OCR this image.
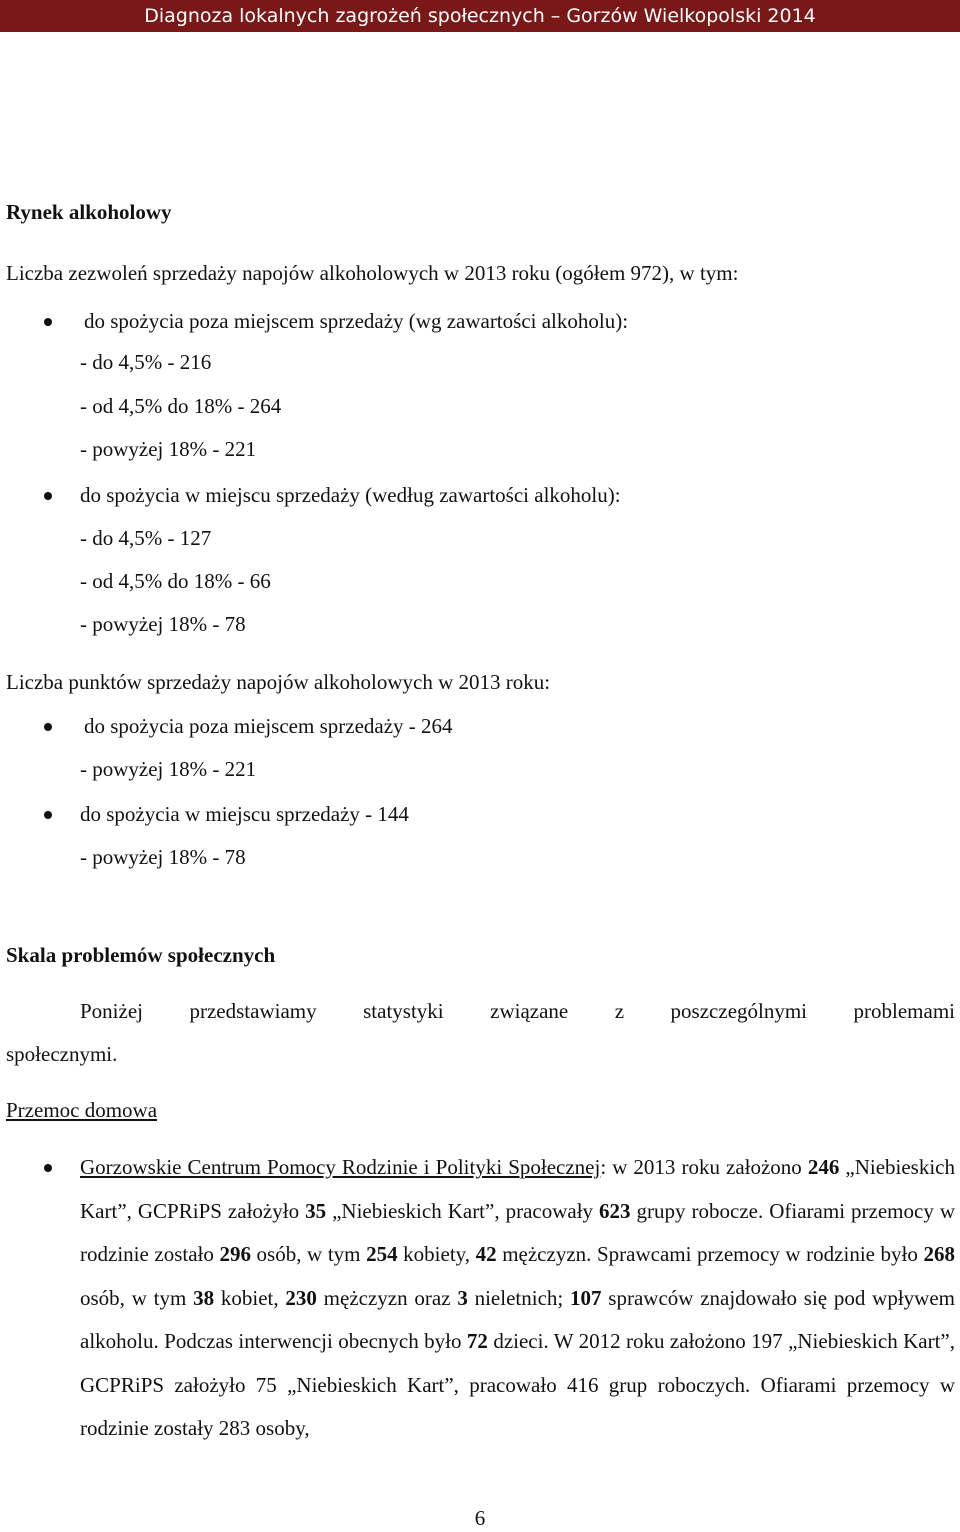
Diagnoza lokalnych zagrożeń społecznych – Gorzów Wielkopolski 2014
Rynek alkoholowy
Liczba zezwoleń sprzedaży napojów alkoholowych w 2013 roku (ogółem 972), w tym:
do spożycia poza miejscem sprzedaży (wg zawartości alkoholu):
- do 4,5% - 216
- od 4,5% do 18% - 264
- powyżej 18% - 221
do spożycia w miejscu sprzedaży (według zawartości alkoholu):
- do 4,5% - 127
- od 4,5% do 18% - 66
- powyżej 18% - 78
Liczba punktów sprzedaży napojów alkoholowych w 2013 roku:
do spożycia poza miejscem sprzedaży - 264
- powyżej 18% - 221
do spożycia w miejscu sprzedaży - 144
- powyżej 18% - 78
Skala problemów społecznych
Poniżej przedstawiamy statystyki związane z poszczególnymi problemami
społecznymi.
Przemoc domowa
Gorzowskie Centrum Pomocy Rodzinie i Polityki Społecznej: w 2013 roku założono 246 „Niebieskich Kart”, GCPRiPS założyło 35 „Niebieskich Kart”, pracowały 623 grupy robocze. Ofiarami przemocy w rodzinie zostało 296 osób, w tym 254 kobiety, 42 mężczyzn. Sprawcami przemocy w rodzinie było 268 osób, w tym 38 kobiet, 230 mężczyzn oraz 3 nieletnich; 107 sprawców znajdowało się pod wpływem alkoholu. Podczas interwencji obecnych było 72 dzieci. W 2012 roku założono 197 „Niebieskich Kart”, GCPRiPS założyło 75 „Niebieskich Kart”, pracowało 416 grup roboczych. Ofiarami przemocy w rodzinie zostały 283 osoby,
6
